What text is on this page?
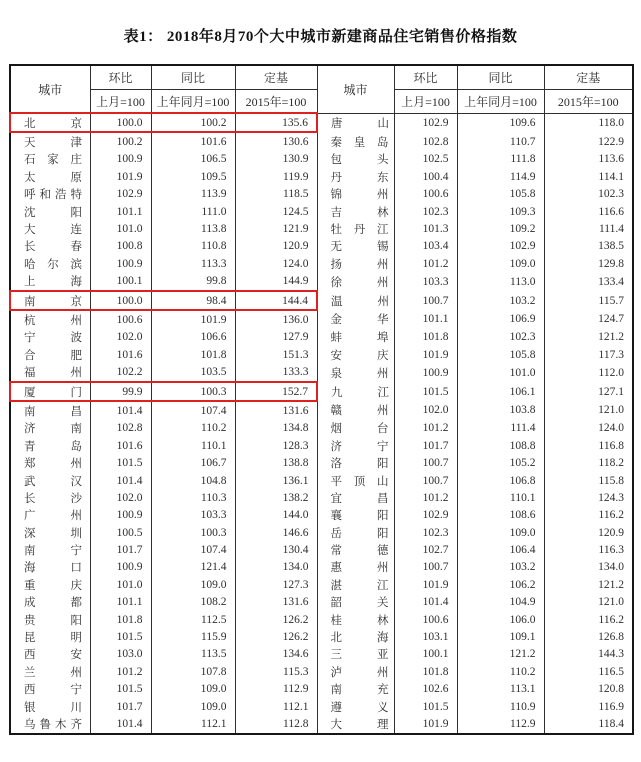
表1： 2018年8月70个大中城市新建商品住宅销售价格指数
城市	环比	同比	定基	城市	环比	同比	定基
	上月=100	上年同月=100	2015年=100		上月=100	上年同月=100	2015年=100

北 京	100.0	100.2	135.6	唐 山	102.9	109.6	118.0

天 津	100.2	101.6	130.6	秦 皇 岛	102.8	110.7	122.9

石 家 庄	100.9	106.5	130.9	包 头	102.5	111.8	113.6

太 原	101.9	109.5	119.9	丹 东	100.4	114.9	114.1

呼 和 浩 特	102.9	113.9	118.5	锦 州	100.6	105.8	102.3

沈 阳	101.1	111.0	124.5	吉 林	102.3	109.3	116.6

大 连	101.0	113.8	121.9	牡 丹 江	101.3	109.2	111.4

长 春	100.8	110.8	120.9	无 锡	103.4	102.9	138.5

哈 尔 滨	100.9	113.3	124.0	扬 州	101.2	109.0	129.8

上 海	100.1	99.8	144.9	徐 州	103.3	113.0	133.4

南 京	100.0	98.4	144.4	温 州	100.7	103.2	115.7

杭 州	100.6	101.9	136.0	金 华	101.1	106.9	124.7

宁 波	102.0	106.6	127.9	蚌 埠	101.8	102.3	121.2

合 肥	101.6	101.8	151.3	安 庆	101.9	105.8	117.3

福 州	102.2	103.5	133.3	泉 州	100.9	101.0	112.0

厦 门	99.9	100.3	152.7	九 江	101.5	106.1	127.1

南 昌	101.4	107.4	131.6	赣 州	102.0	103.8	121.0

济 南	102.8	110.2	134.8	烟 台	101.2	111.4	124.0

青 岛	101.6	110.1	128.3	济 宁	101.7	108.8	116.8

郑 州	101.5	106.7	138.8	洛 阳	100.7	105.2	118.2

武 汉	101.4	104.8	136.1	平 顶 山	100.7	106.8	115.8

长 沙	102.0	110.3	138.2	宜 昌	101.2	110.1	124.3

广 州	100.9	103.3	144.0	襄 阳	102.9	108.6	116.2

深 圳	100.5	100.3	146.6	岳 阳	102.3	109.0	120.9

南 宁	101.7	107.4	130.4	常 德	102.7	106.4	116.3

海 口	100.9	121.4	134.0	惠 州	100.7	103.2	134.0

重 庆	101.0	109.0	127.3	湛 江	101.9	106.2	121.2

成 都	101.1	108.2	131.6	韶 关	101.4	104.9	121.0

贵 阳	101.8	112.5	126.2	桂 林	100.6	106.0	116.2

昆 明	101.5	115.9	126.2	北 海	103.1	109.1	126.8

西 安	103.0	113.5	134.6	三 亚	100.1	121.2	144.3

兰 州	101.2	107.8	115.3	泸 州	101.8	110.2	116.5

西 宁	101.5	109.0	112.9	南 充	102.6	113.1	120.8

银 川	101.7	109.0	112.1	遵 义	101.5	110.9	116.9

乌 鲁 木 齐	101.4	112.1	112.8	大 理	101.9	112.9	118.4
